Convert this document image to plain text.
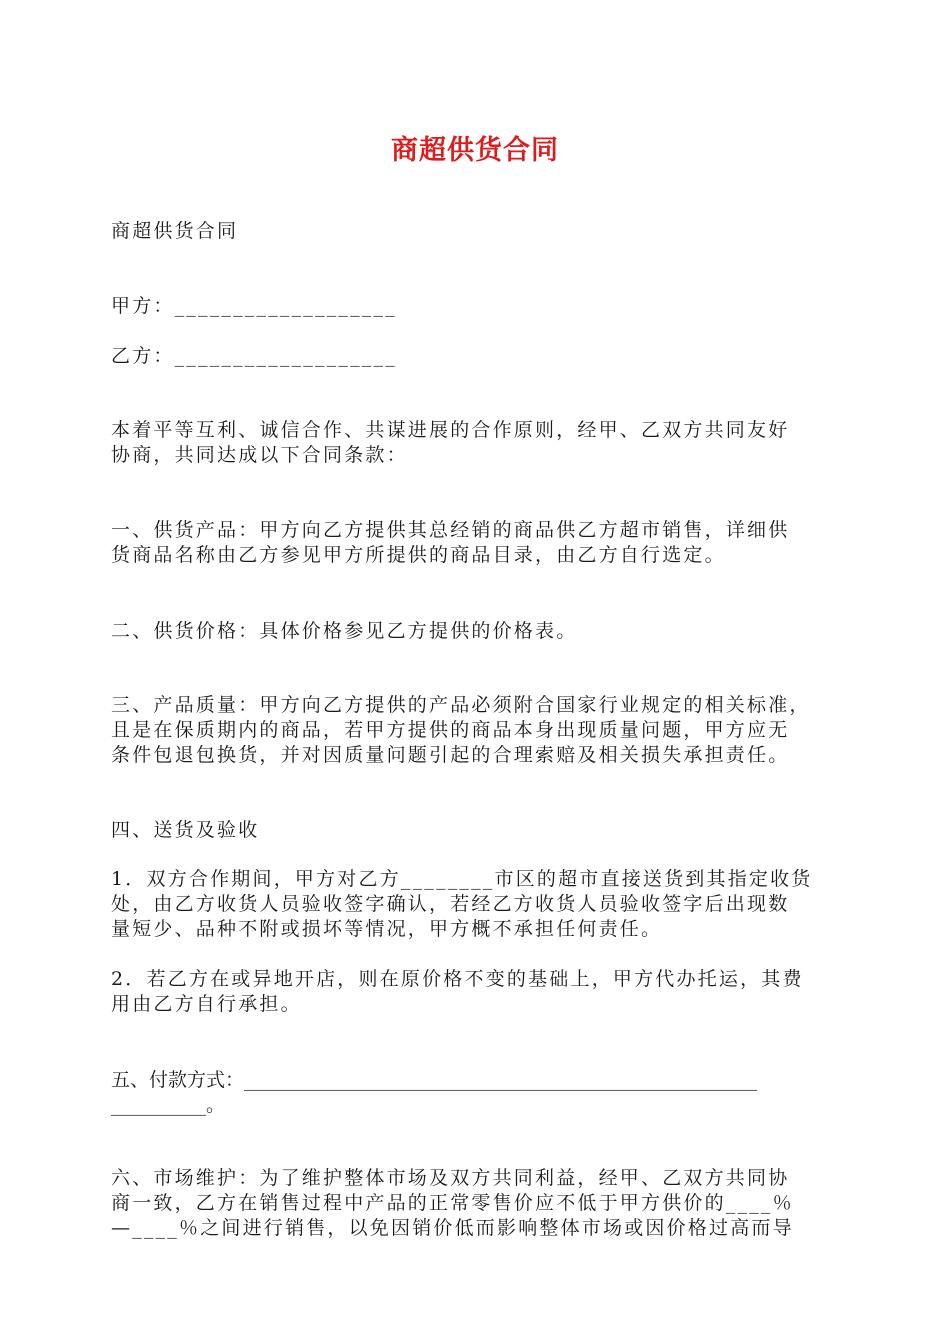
商超供货合同
商超供货合同
甲方：___________________
乙方：___________________
本着平等互利、诚信合作、共谋进展的合作原则，经甲、乙双方共同友好
协商，共同达成以下合同条款：
一、供货产品：甲方向乙方提供其总经销的商品供乙方超市销售，详细供
货商品名称由乙方参见甲方所提供的商品目录，由乙方自行选定。
二、供货价格：具体价格参见乙方提供的价格表。
三、产品质量：甲方向乙方提供的产品必须附合国家行业规定的相关标准，
且是在保质期内的商品，若甲方提供的商品本身出现质量问题，甲方应无
条件包退包换货，并对因质量问题引起的合理索赔及相关损失承担责任。
四、送货及验收
1．双方合作期间，甲方对乙方________市区的超市直接送货到其指定收货
处，由乙方收货人员验收签字确认，若经乙方收货人员验收签字后出现数
量短少、品种不附或损坏等情况，甲方概不承担任何责任。
2．若乙方在或异地开店，则在原价格不变的基础上，甲方代办托运，其费
用由乙方自行承担。
五、付款方式：______________________________________________________
__________。
六、市场维护：为了维护整体市场及双方共同利益，经甲、乙双方共同协
商一致，乙方在销售过程中产品的正常零售价应不低于甲方供价的____％
—____％之间进行销售，以免因销价低而影响整体市场或因价格过高而导
